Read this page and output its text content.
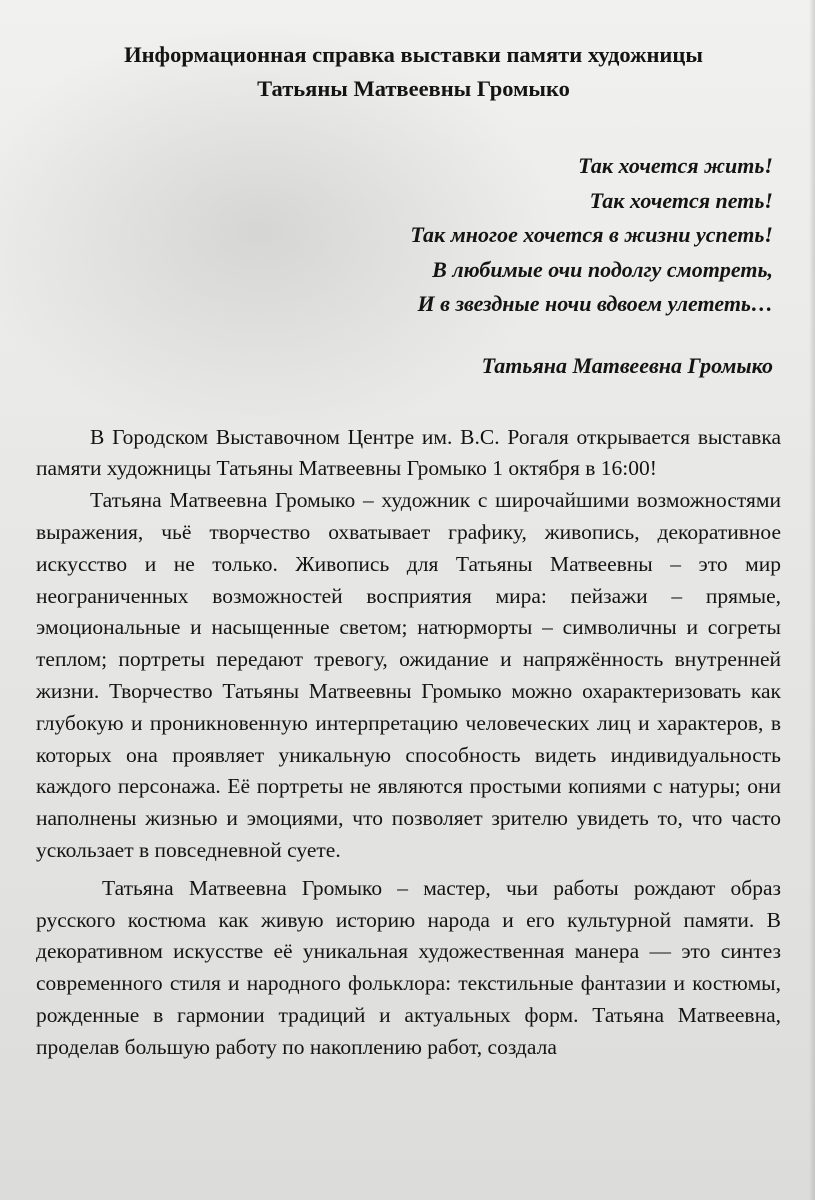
Информационная справка выставки памяти художницы
Татьяны Матвеевны Громыко
Так хочется жить!
Так хочется петь!
Так многое хочется в жизни успеть!
В любимые очи подолгу смотреть,
И в звездные ночи вдвоем улететь…
Татьяна Матвеевна Громыко

В Городском Выставочном Центре им. В.С. Рогаля открывается выставка памяти художницы Татьяны Матвеевны Громыко 1 октября в 16:00!

Татьяна Матвеевна Громыко – художник с широчайшими возможностями выражения, чьё творчество охватывает графику, живопись, декоративное искусство и не только. Живопись для Татьяны Матвеевны – это мир неограниченных возможностей восприятия мира: пейзажи – прямые, эмоциональные и насыщенные светом; натюрморты – символичны и согреты теплом; портреты передают тревогу, ожидание и напряжённость внутренней жизни. Творчество Татьяны Матвеевны Громыко можно охарактеризовать как глубокую и проникновенную интерпретацию человеческих лиц и характеров, в которых она проявляет уникальную способность видеть индивидуальность каждого персонажа. Её портреты не являются простыми копиями с натуры; они наполнены жизнью и эмоциями, что позволяет зрителю увидеть то, что часто ускользает в повседневной суете.

Татьяна Матвеевна Громыко – мастер, чьи работы рождают образ русского костюма как живую историю народа и его культурной памяти. В декоративном искусстве её уникальная художественная манера — это синтез современного стиля и народного фольклора: текстильные фантазии и костюмы, рожденные в гармонии традиций и актуальных форм. Татьяна Матвеевна, проделав большую работу по накоплению работ, создала
